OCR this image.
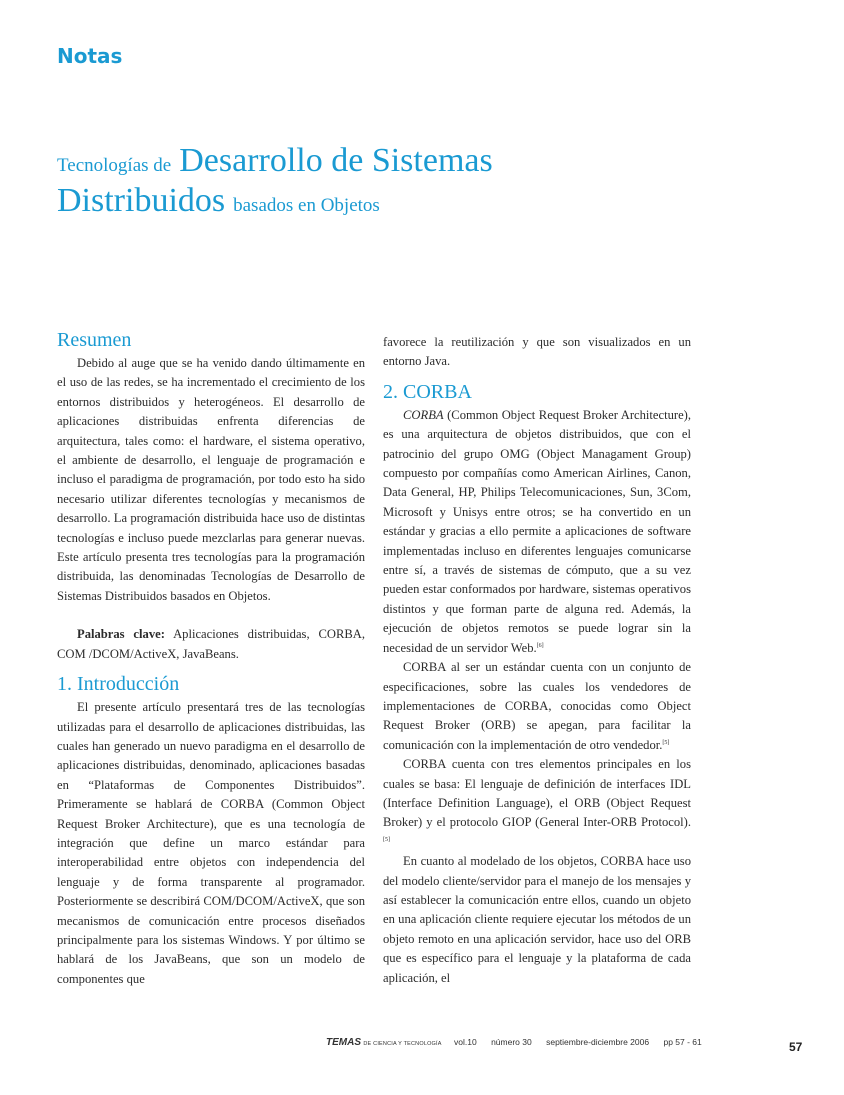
Notas
Tecnologías de Desarrollo de Sistemas
Distribuidos basados en Objetos
Resumen

Debido al auge que se ha venido dando últimamente en el uso de las redes, se ha incrementado el crecimiento de los entornos distribuidos y heterogéneos. El desarrollo de aplicaciones distribuidas enfrenta diferencias de arquitectura, tales como: el hardware, el sistema operativo, el ambiente de desarrollo, el lenguaje de programación e incluso el paradigma de programación, por todo esto ha sido necesario utilizar diferentes tecnologías y mecanismos de desarrollo. La programación distribuida hace uso de distintas tecnologías e incluso puede mezclarlas para generar nuevas. Este artículo presenta tres tecnologías para la programación distribuida, las denominadas Tecnologías de Desarrollo de Sistemas Distribuidos basados en Objetos.

Palabras clave: Aplicaciones distribuidas, CORBA, COM /DCOM/ActiveX, JavaBeans.

1. Introducción

El presente artículo presentará tres de las tecnologías utilizadas para el desarrollo de aplicaciones distribuidas, las cuales han generado un nuevo paradigma en el desarrollo de aplicaciones distribuidas, denominado, aplicaciones basadas en “Plataformas de Componentes Distribuidos”. Primeramente se hablará de CORBA (Common Object Request Broker Architecture), que es una tecnología de integración que define un marco estándar para interoperabilidad entre objetos con independencia del lenguaje y de forma transparente al programador. Posteriormente se describirá COM/DCOM/ActiveX, que son mecanismos de comunicación entre procesos diseñados principalmente para los sistemas Windows. Y por último se hablará de los JavaBeans, que son un modelo de componentes que

favorece la reutilización y que son visualizados en un entorno Java.

2. CORBA

CORBA (Common Object Request Broker Architecture), es una arquitectura de objetos distribuidos, que con el patrocinio del grupo OMG (Object Managament Group) compuesto por compañías como American Airlines, Canon, Data General, HP, Philips Telecomunicaciones, Sun, 3Com, Microsoft y Unisys entre otros; se ha convertido en un estándar y gracias a ello permite a aplicaciones de software implementadas incluso en diferentes lenguajes comunicarse entre sí, a través de sistemas de cómputo, que a su vez pueden estar conformados por hardware, sistemas operativos distintos y que forman parte de alguna red. Además, la ejecución de objetos remotos se puede lograr sin la necesidad de un servidor Web.[6]

CORBA al ser un estándar cuenta con un conjunto de especificaciones, sobre las cuales los vendedores de implementaciones de CORBA, conocidas como Object Request Broker (ORB) se apegan, para facilitar la comunicación con la implementación de otro vendedor.[5]

CORBA cuenta con tres elementos principales en los cuales se basa: El lenguaje de definición de interfaces IDL (Interface Definition Language), el ORB (Object Request Broker) y el protocolo GIOP (General Inter-ORB Protocol).[5]

En cuanto al modelado de los objetos, CORBA hace uso del modelo cliente/servidor para el manejo de los mensajes y así establecer la comunicación entre ellos, cuando un objeto en una aplicación cliente requiere ejecutar los métodos de un objeto remoto en una aplicación servidor, hace uso del ORB que es específico para el lenguaje y la plataforma de cada aplicación, el

TEMAS DE CIENCIA Y TECNOLOGÍA vol.10 número 30 septiembre-diciembre 2006 pp 57 - 61	57
